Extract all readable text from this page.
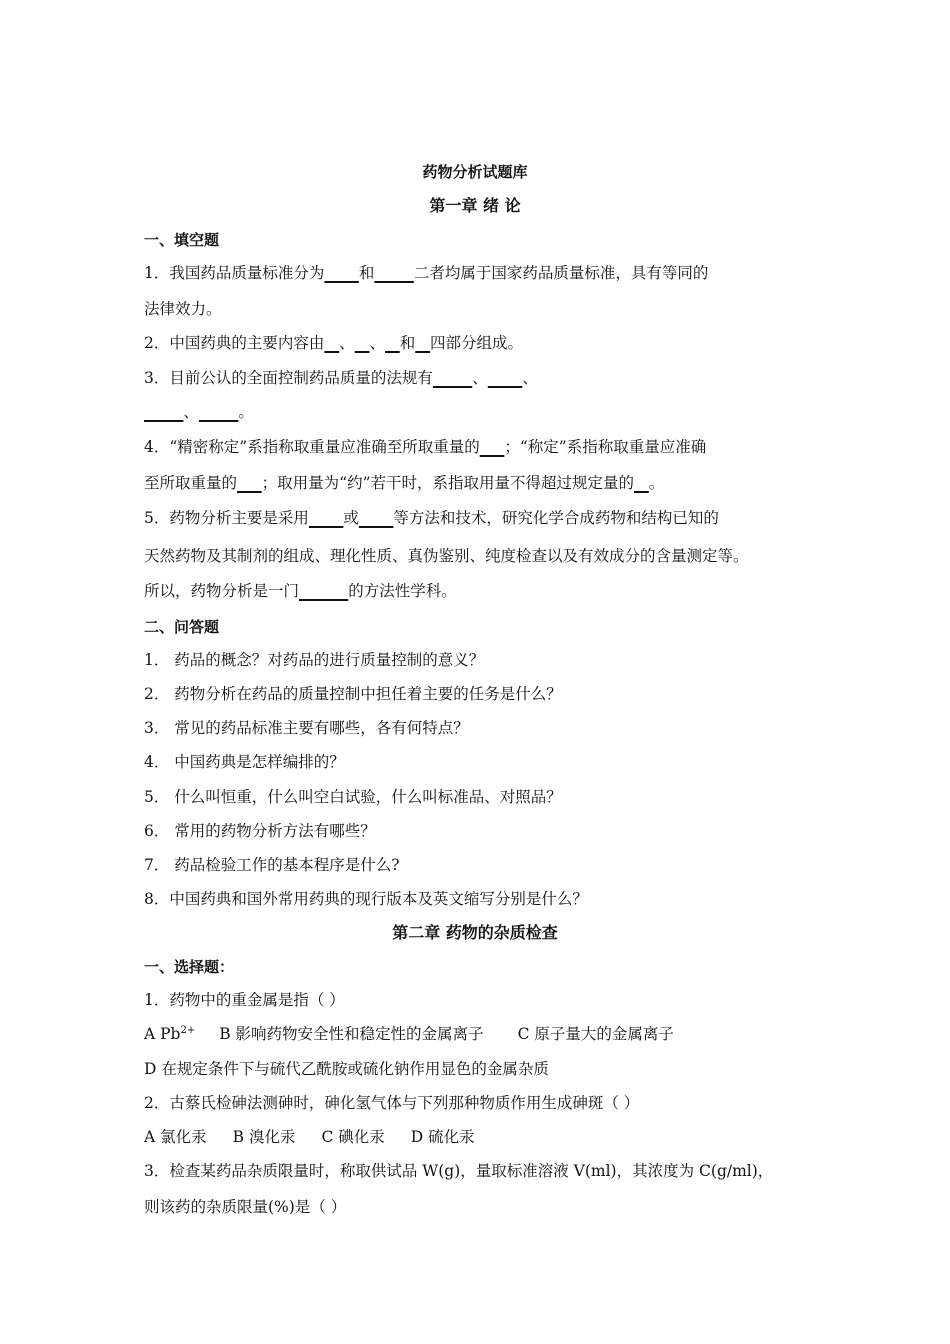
药物分析试题库
第一章 绪 论
一、填空题
1．我国药品质量标准分为 和	二者均属于国家药品质量标准，具有等同的
法律效力。
2．中国药典的主要内容由 、 、 和 四部分组成。
3．目前公认的全面控制药品质量的法规有	、 、
、	。
4．“精密称定”系指称取重量应准确至所取重量的 ；“称定”系指称取重量应准确
至所取重量的 ；取用量为“约”若干时，系指取用量不得超过规定量的 。
5．药物分析主要是采用 或 等方法和技术，研究化学合成药物和结构已知的
天然药物及其制剂的组成、理化性质、真伪鉴别、纯度检查以及有效成分的含量测定等。
所以，药物分析是一门	的方法性学科。
二、问答题
1． 药品的概念？对药品的进行质量控制的意义？
2． 药物分析在药品的质量控制中担任着主要的任务是什么？
3． 常见的药品标准主要有哪些，各有何特点？
4． 中国药典是怎样编排的？
5． 什么叫恒重，什么叫空白试验，什么叫标准品、对照品？
6． 常用的药物分析方法有哪些？
7． 药品检验工作的基本程序是什么?
8．中国药典和国外常用药典的现行版本及英文缩写分别是什么？
第二章 药物的杂质检查
一、选择题：
1．药物中的重金属是指（ ）
A $Pb^{2+}$ B 影响药物安全性和稳定性的金属离子 C 原子量大的金属离子
D 在规定条件下与硫代乙酰胺或硫化钠作用显色的金属杂质
2．古蔡氏检砷法测砷时，砷化氢气体与下列那种物质作用生成砷斑（ ）
A 氯化汞 B 溴化汞 C 碘化汞 D 硫化汞
3．检查某药品杂质限量时，称取供试品 W(g)，量取标准溶液 V(ml)，其浓度为 C(g/ml)，
则该药的杂质限量(%)是（ ）
